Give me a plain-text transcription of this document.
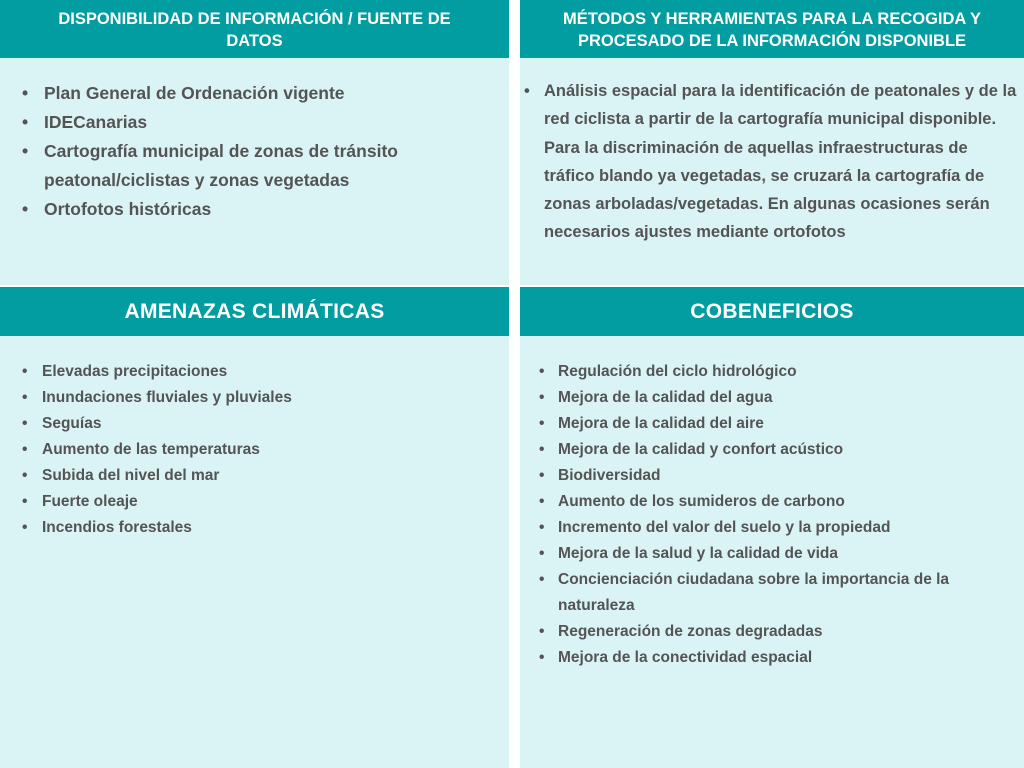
DISPONIBILIDAD DE INFORMACIÓN / FUENTE DE
DATOS
• Plan General de Ordenación vigente
• IDECanarias
• Cartografía municipal de zonas de tránsito peatonal/ciclistas y zonas vegetadas
• Ortofotos históricas
MÉTODOS Y HERRAMIENTAS PARA LA RECOGIDA Y
PROCESADO DE LA INFORMACIÓN DISPONIBLE
• Análisis espacial para la identificación de peatonales y de la red ciclista a partir de la cartografía municipal disponible. Para la discriminación de aquellas infraestructuras de tráfico blando ya vegetadas, se cruzará la cartografía de zonas arboladas/vegetadas. En algunas ocasiones serán necesarios ajustes mediante ortofotos
AMENAZAS CLIMÁTICAS
• Elevadas precipitaciones
• Inundaciones fluviales y pluviales
• Seguías
• Aumento de las temperaturas
• Subida del nivel del mar
• Fuerte oleaje
• Incendios forestales
COBENEFICIOS
• Regulación del ciclo hidrológico
• Mejora de la calidad del agua
• Mejora de la calidad del aire
• Mejora de la calidad y confort acústico
• Biodiversidad
• Aumento de los sumideros de carbono
• Incremento del valor del suelo y la propiedad
• Mejora de la salud y la calidad de vida
• Concienciación ciudadana sobre la importancia de la naturaleza
• Regeneración de zonas degradadas
• Mejora de la conectividad espacial
